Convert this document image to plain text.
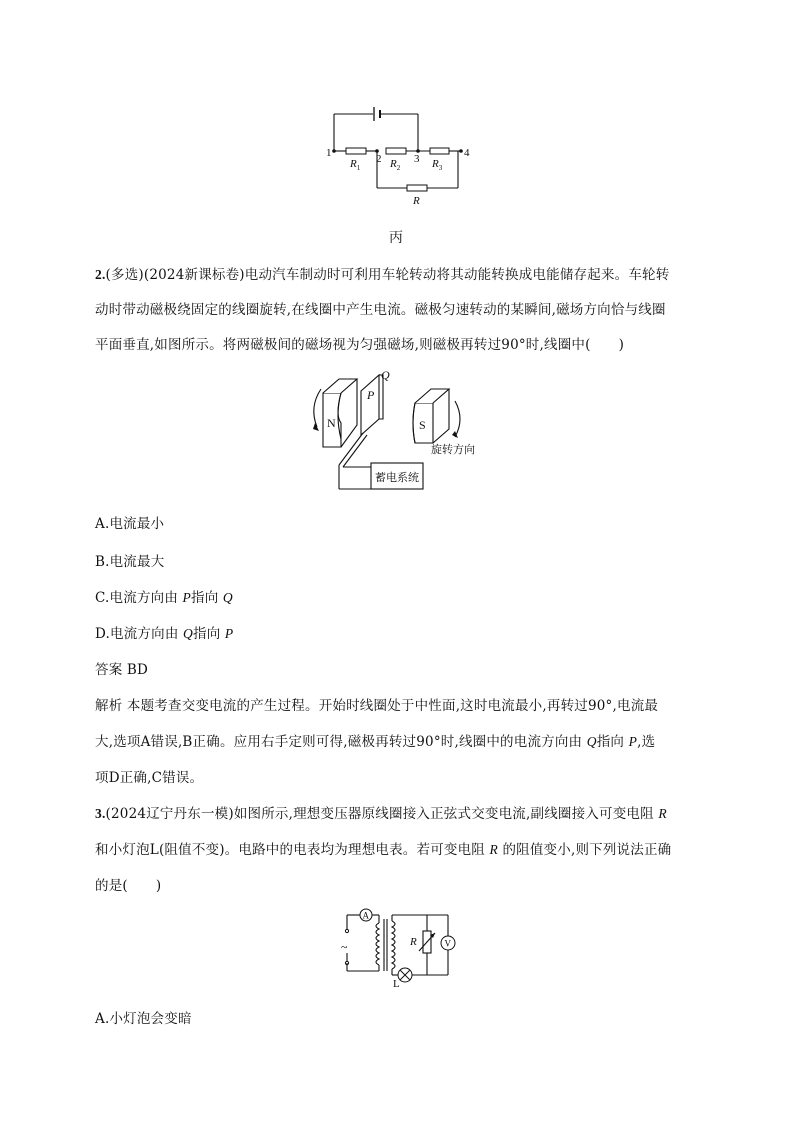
1	2	3	4
$R_1$	$R_2$	$R_3$
R
丙
2.(多选)(2024新课标卷)电动汽车制动时可利用车轮转动将其动能转换成电能储存起来。车轮转
动时带动磁极绕固定的线圈旋转,在线圈中产生电流。磁极匀速转动的某瞬间,磁场方向恰与线圈
平面垂直,如图所示。将两磁极间的磁场视为匀强磁场,则磁极再转过90°时,线圈中( )
N	S
P
Q
旋转方向
蓄电系统
A.电流最小
B.电流最大
C.电流方向由 P指向 Q
D.电流方向由 Q指向 P
答案 BD
解析 本题考查交变电流的产生过程。开始时线圈处于中性面,这时电流最小,再转过90°,电流最
大,选项A错误,B正确。应用右手定则可得,磁极再转过90°时,线圈中的电流方向由 Q指向 P,选
项D正确,C错误。
3.(2024辽宁丹东一模)如图所示,理想变压器原线圈接入正弦式交变电流,副线圈接入可变电阻 R
和小灯泡L(阻值不变)。电路中的电表均为理想电表。若可变电阻 R 的阻值变小,则下列说法正确
的是( )
A
V
~	R
L
A.小灯泡会变暗
